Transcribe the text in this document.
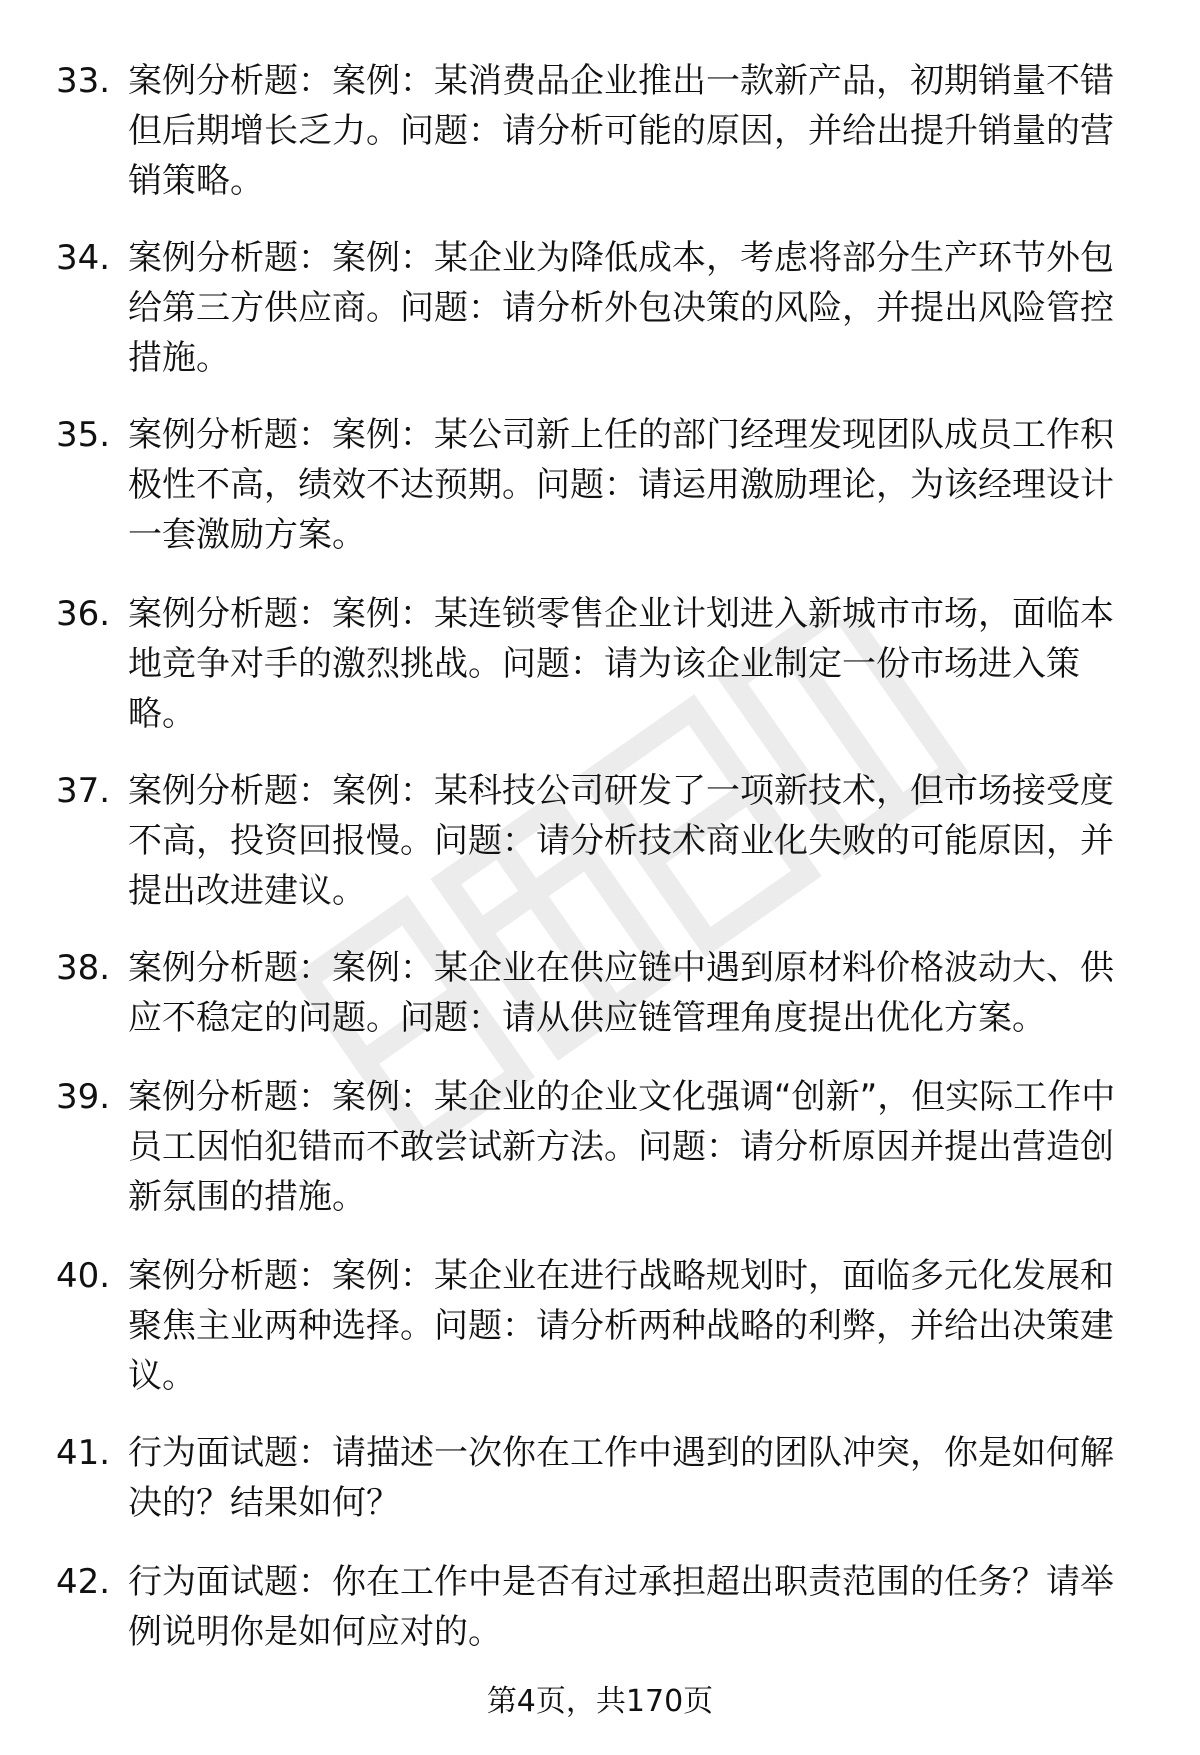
33. 案例分析题：案例：某消费品企业推出一款新产品，初期销量不错但后期增长乏力。问题：请分析可能的原因，并给出提升销量的营销策略。
34. 案例分析题：案例：某企业为降低成本，考虑将部分生产环节外包给第三方供应商。问题：请分析外包决策的风险，并提出风险管控措施。
35. 案例分析题：案例：某公司新上任的部门经理发现团队成员工作积极性不高，绩效不达预期。问题：请运用激励理论，为该经理设计一套激励方案。
36. 案例分析题：案例：某连锁零售企业计划进入新城市市场，面临本地竞争对手的激烈挑战。问题：请为该企业制定一份市场进入策略。
37. 案例分析题：案例：某科技公司研发了一项新技术，但市场接受度不高，投资回报慢。问题：请分析技术商业化失败的可能原因，并提出改进建议。
38. 案例分析题：案例：某企业在供应链中遇到原材料价格波动大、供应不稳定的问题。问题：请从供应链管理角度提出优化方案。
39. 案例分析题：案例：某企业的企业文化强调“创新”，但实际工作中员工因怕犯错而不敢尝试新方法。问题：请分析原因并提出营造创新氛围的措施。
40. 案例分析题：案例：某企业在进行战略规划时，面临多元化发展和聚焦主业两种选择。问题：请分析两种战略的利弊，并给出决策建议。
41. 行为面试题：请描述一次你在工作中遇到的团队冲突，你是如何解决的？结果如何？
42. 行为面试题：你在工作中是否有过承担超出职责范围的任务？请举例说明你是如何应对的。
第4页，共170页
